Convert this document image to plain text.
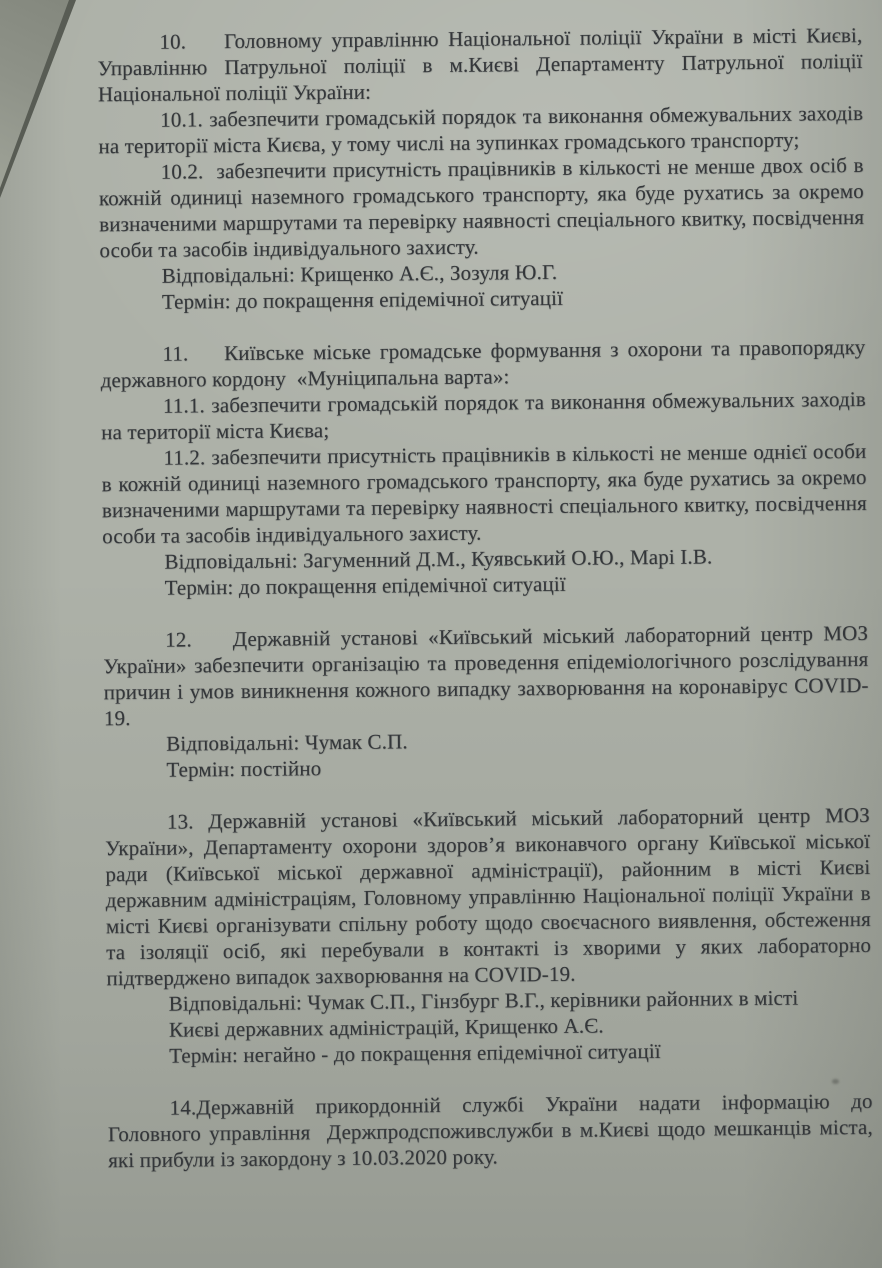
10.    Головному управлінню Національної поліції України в місті Києві, Управлінню Патрульної поліції в м.Києві Департаменту Патрульної поліції Національної поліції України:

10.1. забезпечити громадській порядок та виконання обмежувальних заходів на території міста Києва, у тому числі на зупинках громадського транспорту;

10.2.  забезпечити присутність працівників в кількості не менше двох осіб в кожній одиниці наземного громадського транспорту, яка буде рухатись за окремо визначеними маршрутами та перевірку наявності спеціального квитку, посвідчення особи та засобів індивідуального захисту.

Відповідальні: Крищенко А.Є., Зозуля Ю.Г.

Термін: до покращення епідемічної ситуації

11.    Київське міське громадське формування з охорони та правопорядку державного кордону  «Муніципальна варта»:

11.1. забезпечити громадській порядок та виконання обмежувальних заходів на території міста Києва;

11.2. забезпечити присутність працівників в кількості не менше однієї особи в кожній одиниці наземного громадського транспорту, яка буде рухатись за окремо визначеними маршрутами та перевірку наявності спеціального квитку, посвідчення особи та засобів індивідуального захисту.

Відповідальні: Загуменний Д.М., Куявський О.Ю., Марі І.В.

Термін: до покращення епідемічної ситуації

12.    Державній установі «Київський міський лабораторний центр МОЗ України» забезпечити організацію та проведення епідеміологічного розслідування причин і умов виникнення кожного випадку захворювання на коронавірус COVID-19.

Відповідальні: Чумак С.П.

Термін: постійно

13. Державній установі «Київський міський лабораторний центр МОЗ України», Департаменту охорони здоров’я виконавчого органу Київської міської ради (Київської міської державної адміністрації), районним в місті Києві державним адміністраціям, Головному управлінню Національної поліції України в місті Києві організувати спільну роботу щодо своєчасного виявлення, обстеження та ізоляції осіб, які перебували в контакті із хворими у яких лабораторно підтверджено випадок захворювання на COVID-19.

Відповідальні: Чумак С.П., Гінзбург В.Г., керівники районних в місті Києві державних адміністрацій, Крищенко А.Є.

Термін: негайно - до покращення епідемічної ситуації

14.Державній прикордонній службі України надати інформацію до Головного управління  Держпродспоживслужби в м.Києві щодо мешканців міста, які прибули із закордону з 10.03.2020 року.
